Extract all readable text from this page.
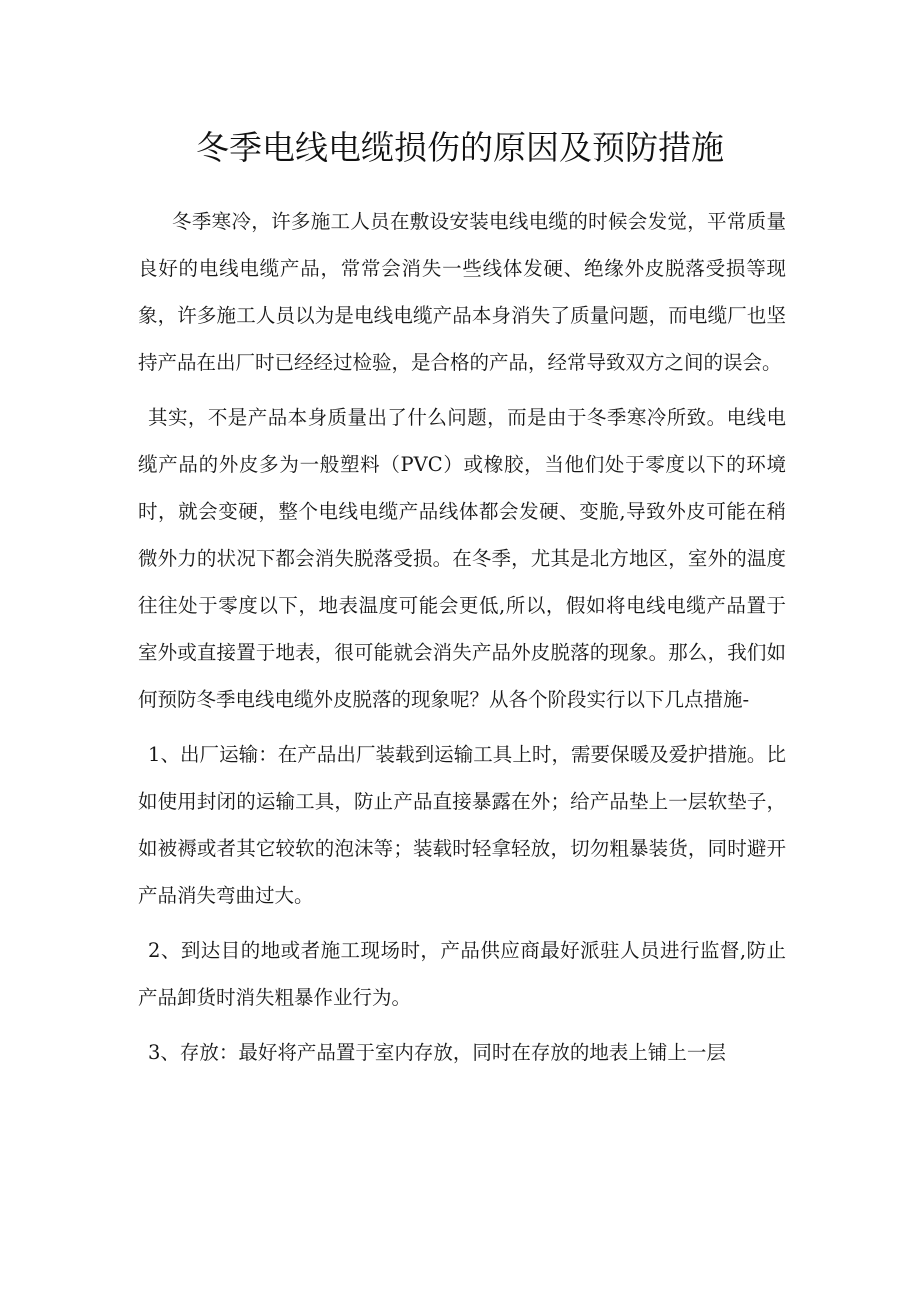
冬季电线电缆损伤的原因及预防措施

冬季寒冷，许多施工人员在敷设安装电线电缆的时候会发觉，平常质量良好的电线电缆产品，常常会消失一些线体发硬、绝缘外皮脱落受损等现象，许多施工人员以为是电线电缆产品本身消失了质量问题，而电缆厂也坚持产品在出厂时已经经过检验，是合格的产品，经常导致双方之间的误会。

其实，不是产品本身质量出了什么问题，而是由于冬季寒冷所致。电线电缆产品的外皮多为一般塑料（PVC）或橡胶，当他们处于零度以下的环境时，就会变硬，整个电线电缆产品线体都会发硬、变脆,导致外皮可能在稍微外力的状况下都会消失脱落受损。在冬季，尤其是北方地区，室外的温度往往处于零度以下，地表温度可能会更低,所以，假如将电线电缆产品置于室外或直接置于地表，很可能就会消失产品外皮脱落的现象。那么，我们如何预防冬季电线电缆外皮脱落的现象呢？从各个阶段实行以下几点措施-

1、出厂运输：在产品出厂装载到运输工具上时，需要保暖及爱护措施。比如使用封闭的运输工具，防止产品直接暴露在外；给产品垫上一层软垫子，如被褥或者其它较软的泡沫等；装载时轻拿轻放，切勿粗暴装货，同时避开产品消失弯曲过大。

2、到达目的地或者施工现场时，产品供应商最好派驻人员进行监督,防止产品卸货时消失粗暴作业行为。

3、存放：最好将产品置于室内存放，同时在存放的地表上铺上一层
